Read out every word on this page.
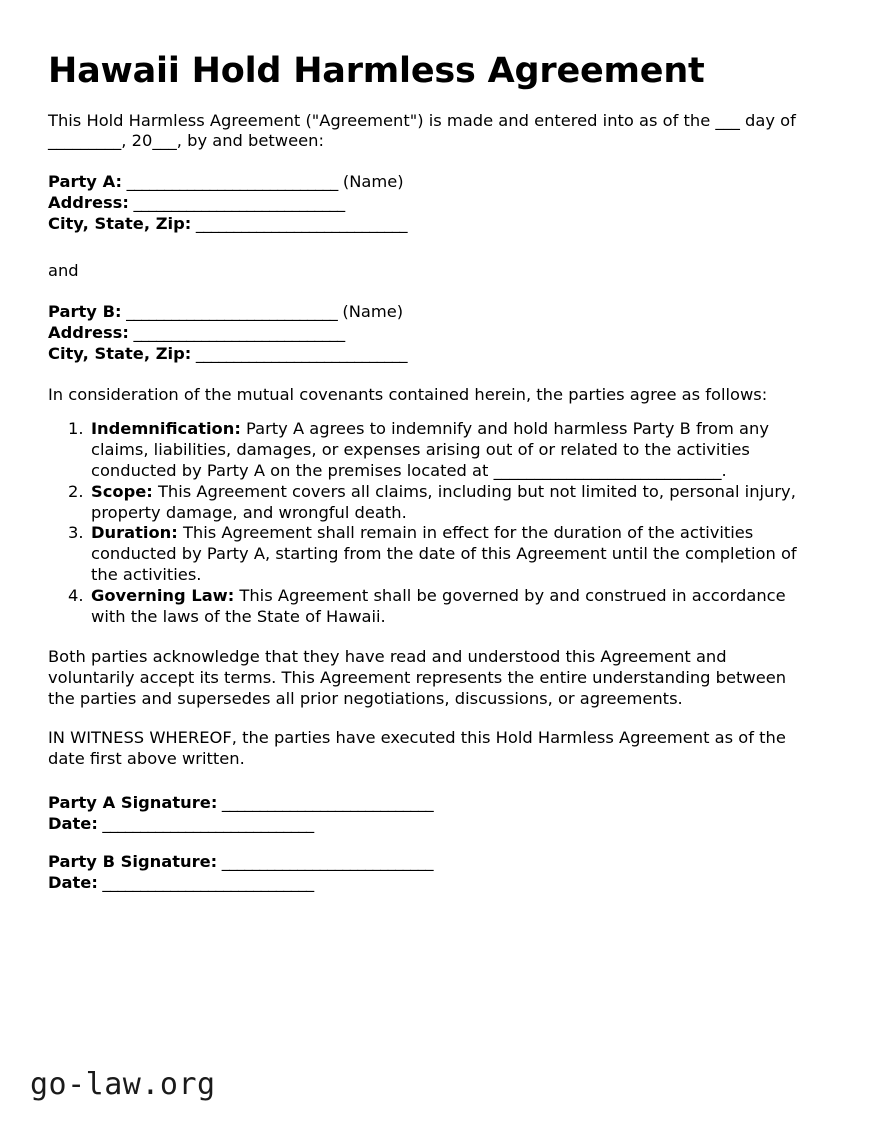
Hawaii Hold Harmless Agreement

This Hold Harmless Agreement ("Agreement") is made and entered into as of the ___ day of _________, 20___, by and between:

Party A: ____________________________ (Name)
Address: ____________________________
City, State, Zip: ____________________________

and

Party B: ____________________________ (Name)
Address: ____________________________
City, State, Zip: ____________________________

In consideration of the mutual covenants contained herein, the parties agree as follows:

Indemnification: Party A agrees to indemnify and hold harmless Party B from any claims, liabilities, damages, or expenses arising out of or related to the activities conducted by Party A on the premises located at ____________________________.
Scope: This Agreement covers all claims, including but not limited to, personal injury, property damage, and wrongful death.
Duration: This Agreement shall remain in effect for the duration of the activities conducted by Party A, starting from the date of this Agreement until the completion of the activities.
Governing Law: This Agreement shall be governed by and construed in accordance with the laws of the State of Hawaii.

Both parties acknowledge that they have read and understood this Agreement and voluntarily accept its terms. This Agreement represents the entire understanding between the parties and supersedes all prior negotiations, discussions, or agreements.

IN WITNESS WHEREOF, the parties have executed this Hold Harmless Agreement as of the date first above written.

Party A Signature: ____________________________
Date: ____________________________
Party B Signature: ____________________________
Date: ____________________________
go-law.org
